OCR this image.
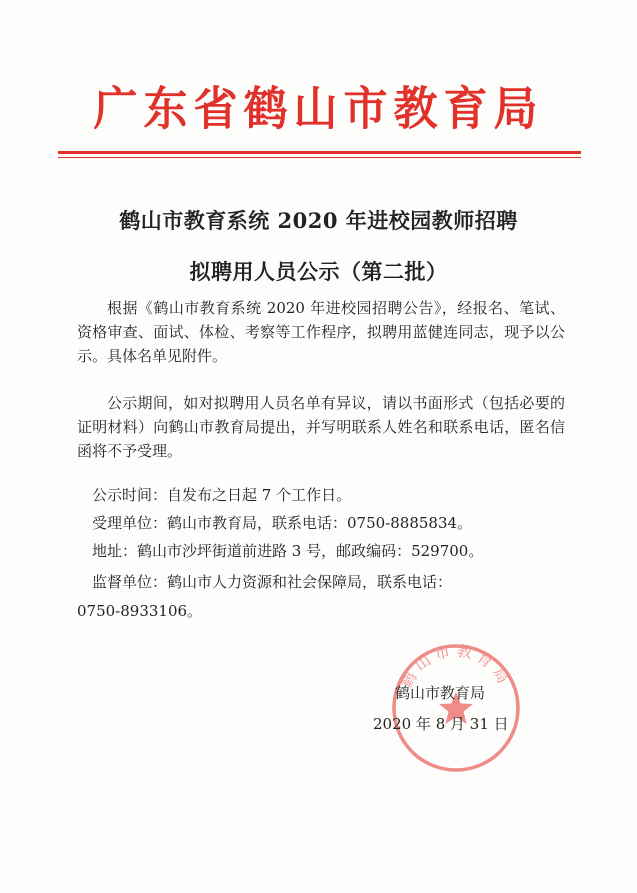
广东省鹤山市教育局
鹤山市教育系统 2020 年进校园教师招聘
拟聘用人员公示（第二批）
根据《鹤山市教育系统 2020 年进校园招聘公告》，经报名、笔试、资格审查、面试、体检、考察等工作程序，拟聘用蓝健连同志，现予以公示。具体名单见附件。
公示期间，如对拟聘用人员名单有异议，请以书面形式（包括必要的证明材料）向鹤山市教育局提出，并写明联系人姓名和联系电话，匿名信函将不予受理。
公示时间：自发布之日起 7 个工作日。
受理单位：鹤山市教育局，联系电话：0750-8885834。
地址：鹤山市沙坪街道前进路 3 号，邮政编码：529700。
监督单位：鹤山市人力资源和社会保障局，联系电话：
0750-8933106。
鹤山市教育局
鹤山市教育局
2020 年 8 月 31 日
